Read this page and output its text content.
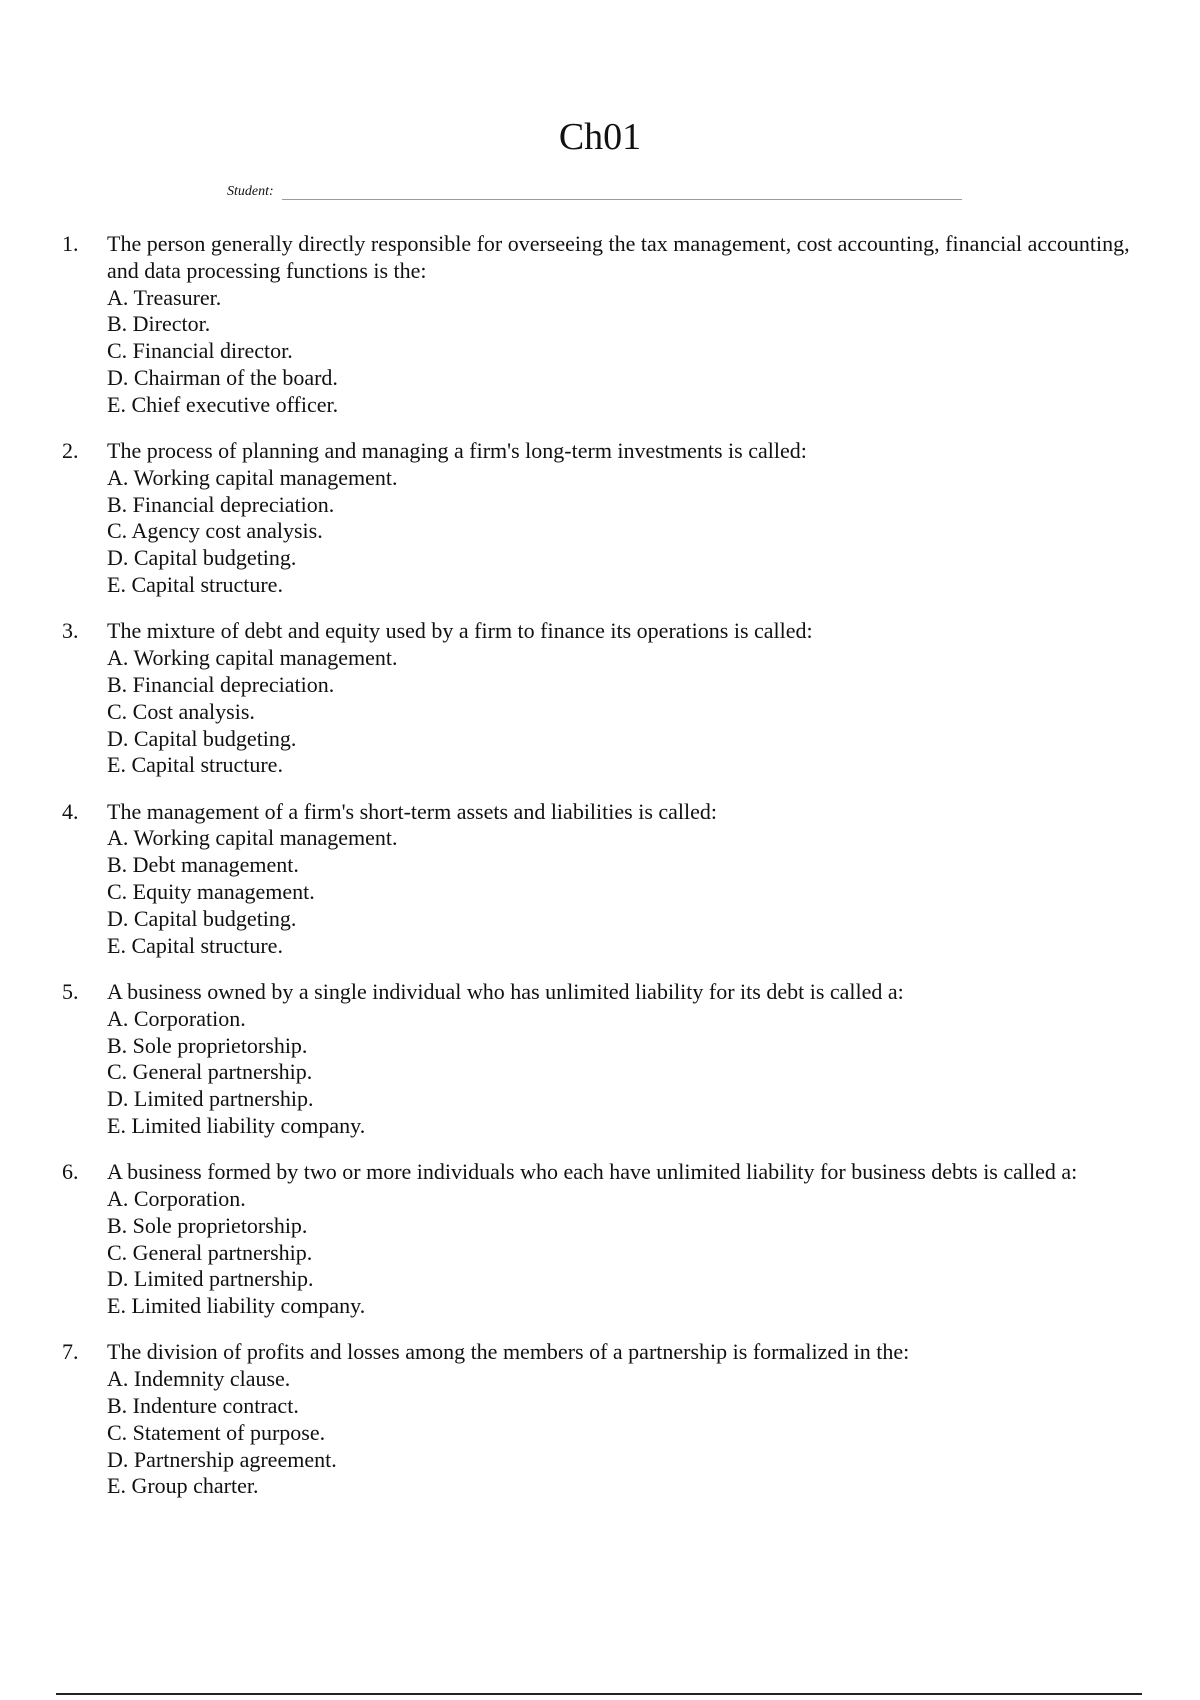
Ch01
Student:
1.	The person generally directly responsible for overseeing the tax management, cost accounting, financial accounting, and data processing functions is the:

A. Treasurer.
B. Director.
C. Financial director.
D. Chairman of the board.
E. Chief executive officer.
2.	The process of planning and managing a firm's long-term investments is called:

A. Working capital management.
B. Financial depreciation.
C. Agency cost analysis.
D. Capital budgeting.
E. Capital structure.
3.	The mixture of debt and equity used by a firm to finance its operations is called:

A. Working capital management.
B. Financial depreciation.
C. Cost analysis.
D. Capital budgeting.
E. Capital structure.
4.	The management of a firm's short-term assets and liabilities is called:

A. Working capital management.
B. Debt management.
C. Equity management.
D. Capital budgeting.
E. Capital structure.
5.	A business owned by a single individual who has unlimited liability for its debt is called a:

A. Corporation.
B. Sole proprietorship.
C. General partnership.
D. Limited partnership.
E. Limited liability company.
6.	A business formed by two or more individuals who each have unlimited liability for business debts is called a:

A. Corporation.
B. Sole proprietorship.
C. General partnership.
D. Limited partnership.
E. Limited liability company.
7.	The division of profits and losses among the members of a partnership is formalized in the:

A. Indemnity clause.
B. Indenture contract.
C. Statement of purpose.
D. Partnership agreement.
E. Group charter.
